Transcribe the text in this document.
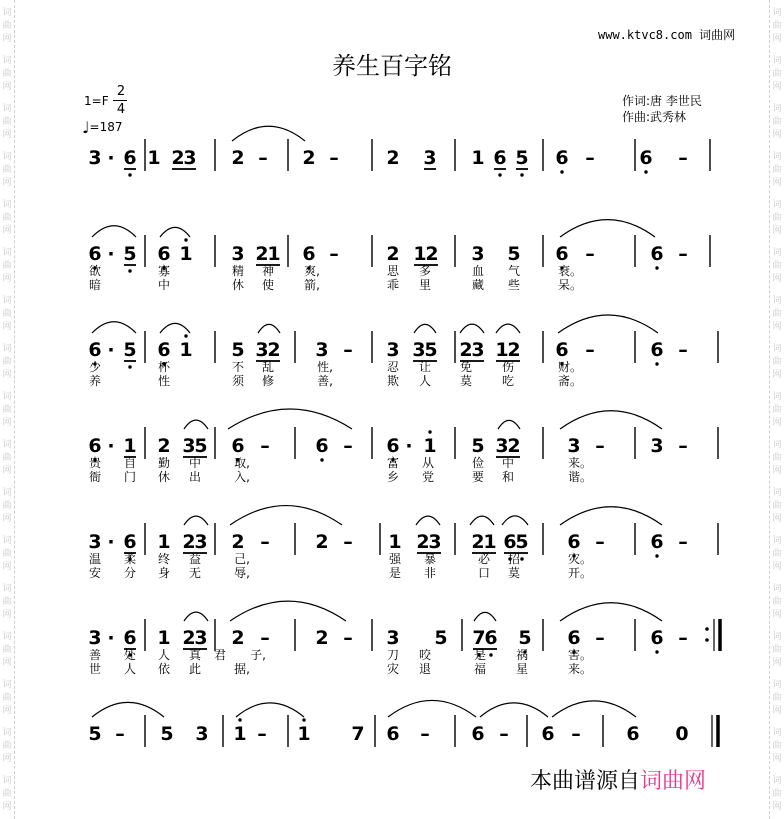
词
曲
网
词
曲
网
词
曲
网
词
曲
网
词
曲
网
词
曲
网
词
曲
网
词
曲
网
词
曲
网
词
曲
网
词
曲
网
词
曲
网
词
曲
网
词
曲
网
词
曲
网
词
曲
网
词
曲
网
词
曲
网
词
曲
网
词
曲
网
词
曲
网
词
曲
网
词
曲
网
词
曲
网
词
曲
网
词
曲
网
词
曲
网
词
曲
网
词
曲
网
词
曲
网
词
曲
网
词
曲
网
词
曲
网
词
曲
网
www.ktvc8.com 词曲网
养生百字铭
1=F
2
4
♩=187
作词:唐 李世民
作曲:武秀林
3 · 6 1 2
3 2 – 2 –	2 3 1 6 5 6 – 6 –
6 · 5 6 1 3 2
1 6 –	2 1
2 3 5 6 –	6 –
欲	寡	精 神	爽,	思 多	血 气	衰。
暗	中	休 使	箭,	乖 里	藏 些	呆。
6 · 5 6 1 5 3
2 3 – 3 3
5 2
3 1
2 6 –	6 –
少	杯	不 乱	性,	忍 让 免 伤	财。
养	性	须 修	善,	欺 人 莫 吃	斋。
6 · 1 2 3
5 6 – 6 – 6 · 1 5 3
2 3 – 3 –
贵 自 勤 中	取,	富 从	俭 中	来。
衙 门 休 出	入,	乡 党	要 和	谐。
3 · 6 1 2
3 2 – 2 – 1 2
3 2
1 6
5 6 – 6 –
温 柔 终 益	己,	强 暴	必 招	灾。
安 分 身 无	辱,	是 非	口 莫	开。
3 · 6 1 2
3 2 – 2 – 3 5 7
6 5 6 – 6 –
善 处 人 真 君 子,	刀 咬	是 祸	害。
世 人 依 此	据,	灾 退	福 星	来。
5 – 5 3 1 – 1 7 6 – 6 – 6 – 6 0
本曲谱源自词曲网
